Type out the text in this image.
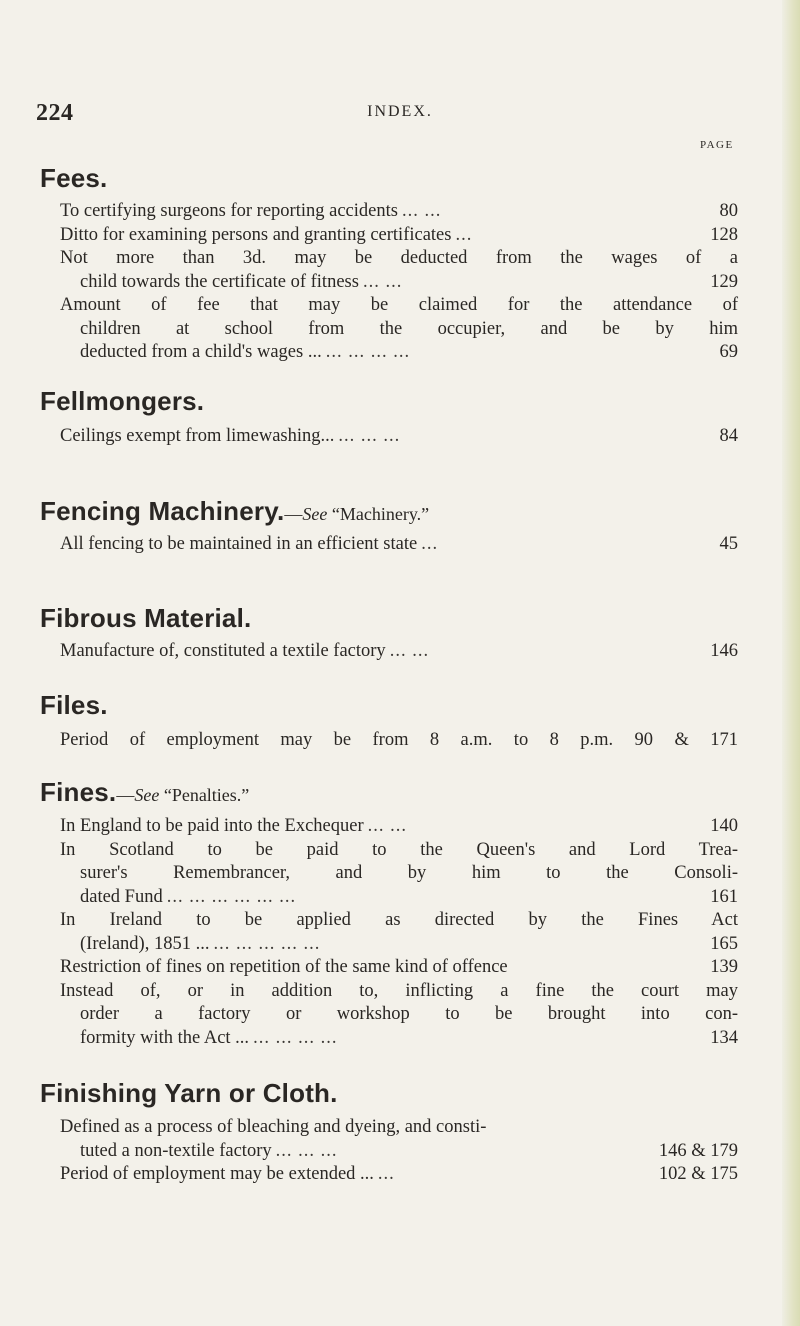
224	INDEX.
PAGE
Fees.
To certifying surgeons for reporting accidents ... ...	80
Ditto for examining persons and granting certificates ...	128
Not more than 3d. may be deducted from the wages of a
child towards the certificate of fitness ... ...	129
Amount of fee that may be claimed for the attendance of
children at school from the occupier, and be by him
deducted from a child's wages ... ... ... ... ...	69
Fellmongers.
Ceilings exempt from limewashing... ... ... ...	84
Fencing Machinery.—See “Machinery.”
All fencing to be maintained in an efficient state ...	45
Fibrous Material.
Manufacture of, constituted a textile factory ... ...	146
Files.
Period of employment may be from 8 a.m. to 8 p.m. 90 & 171
Fines.—See “Penalties.”
In England to be paid into the Exchequer ... ...	140
In Scotland to be paid to the Queen's and Lord Trea-
surer's Remembrancer, and by him to the Consoli-
dated Fund ... ... ... ... ... ...	161
In Ireland to be applied as directed by the Fines Act
(Ireland), 1851 ... ... ... ... ... ...	165
Restriction of fines on repetition of the same kind of offence	139
Instead of, or in addition to, inflicting a fine the court may
order a factory or workshop to be brought into con-
formity with the Act ... ... ... ... ...	134
Finishing Yarn or Cloth.
Defined as a process of bleaching and dyeing, and consti-
tuted a non-textile factory ... ... ...	146 & 179
Period of employment may be extended ... ...	102 & 175
